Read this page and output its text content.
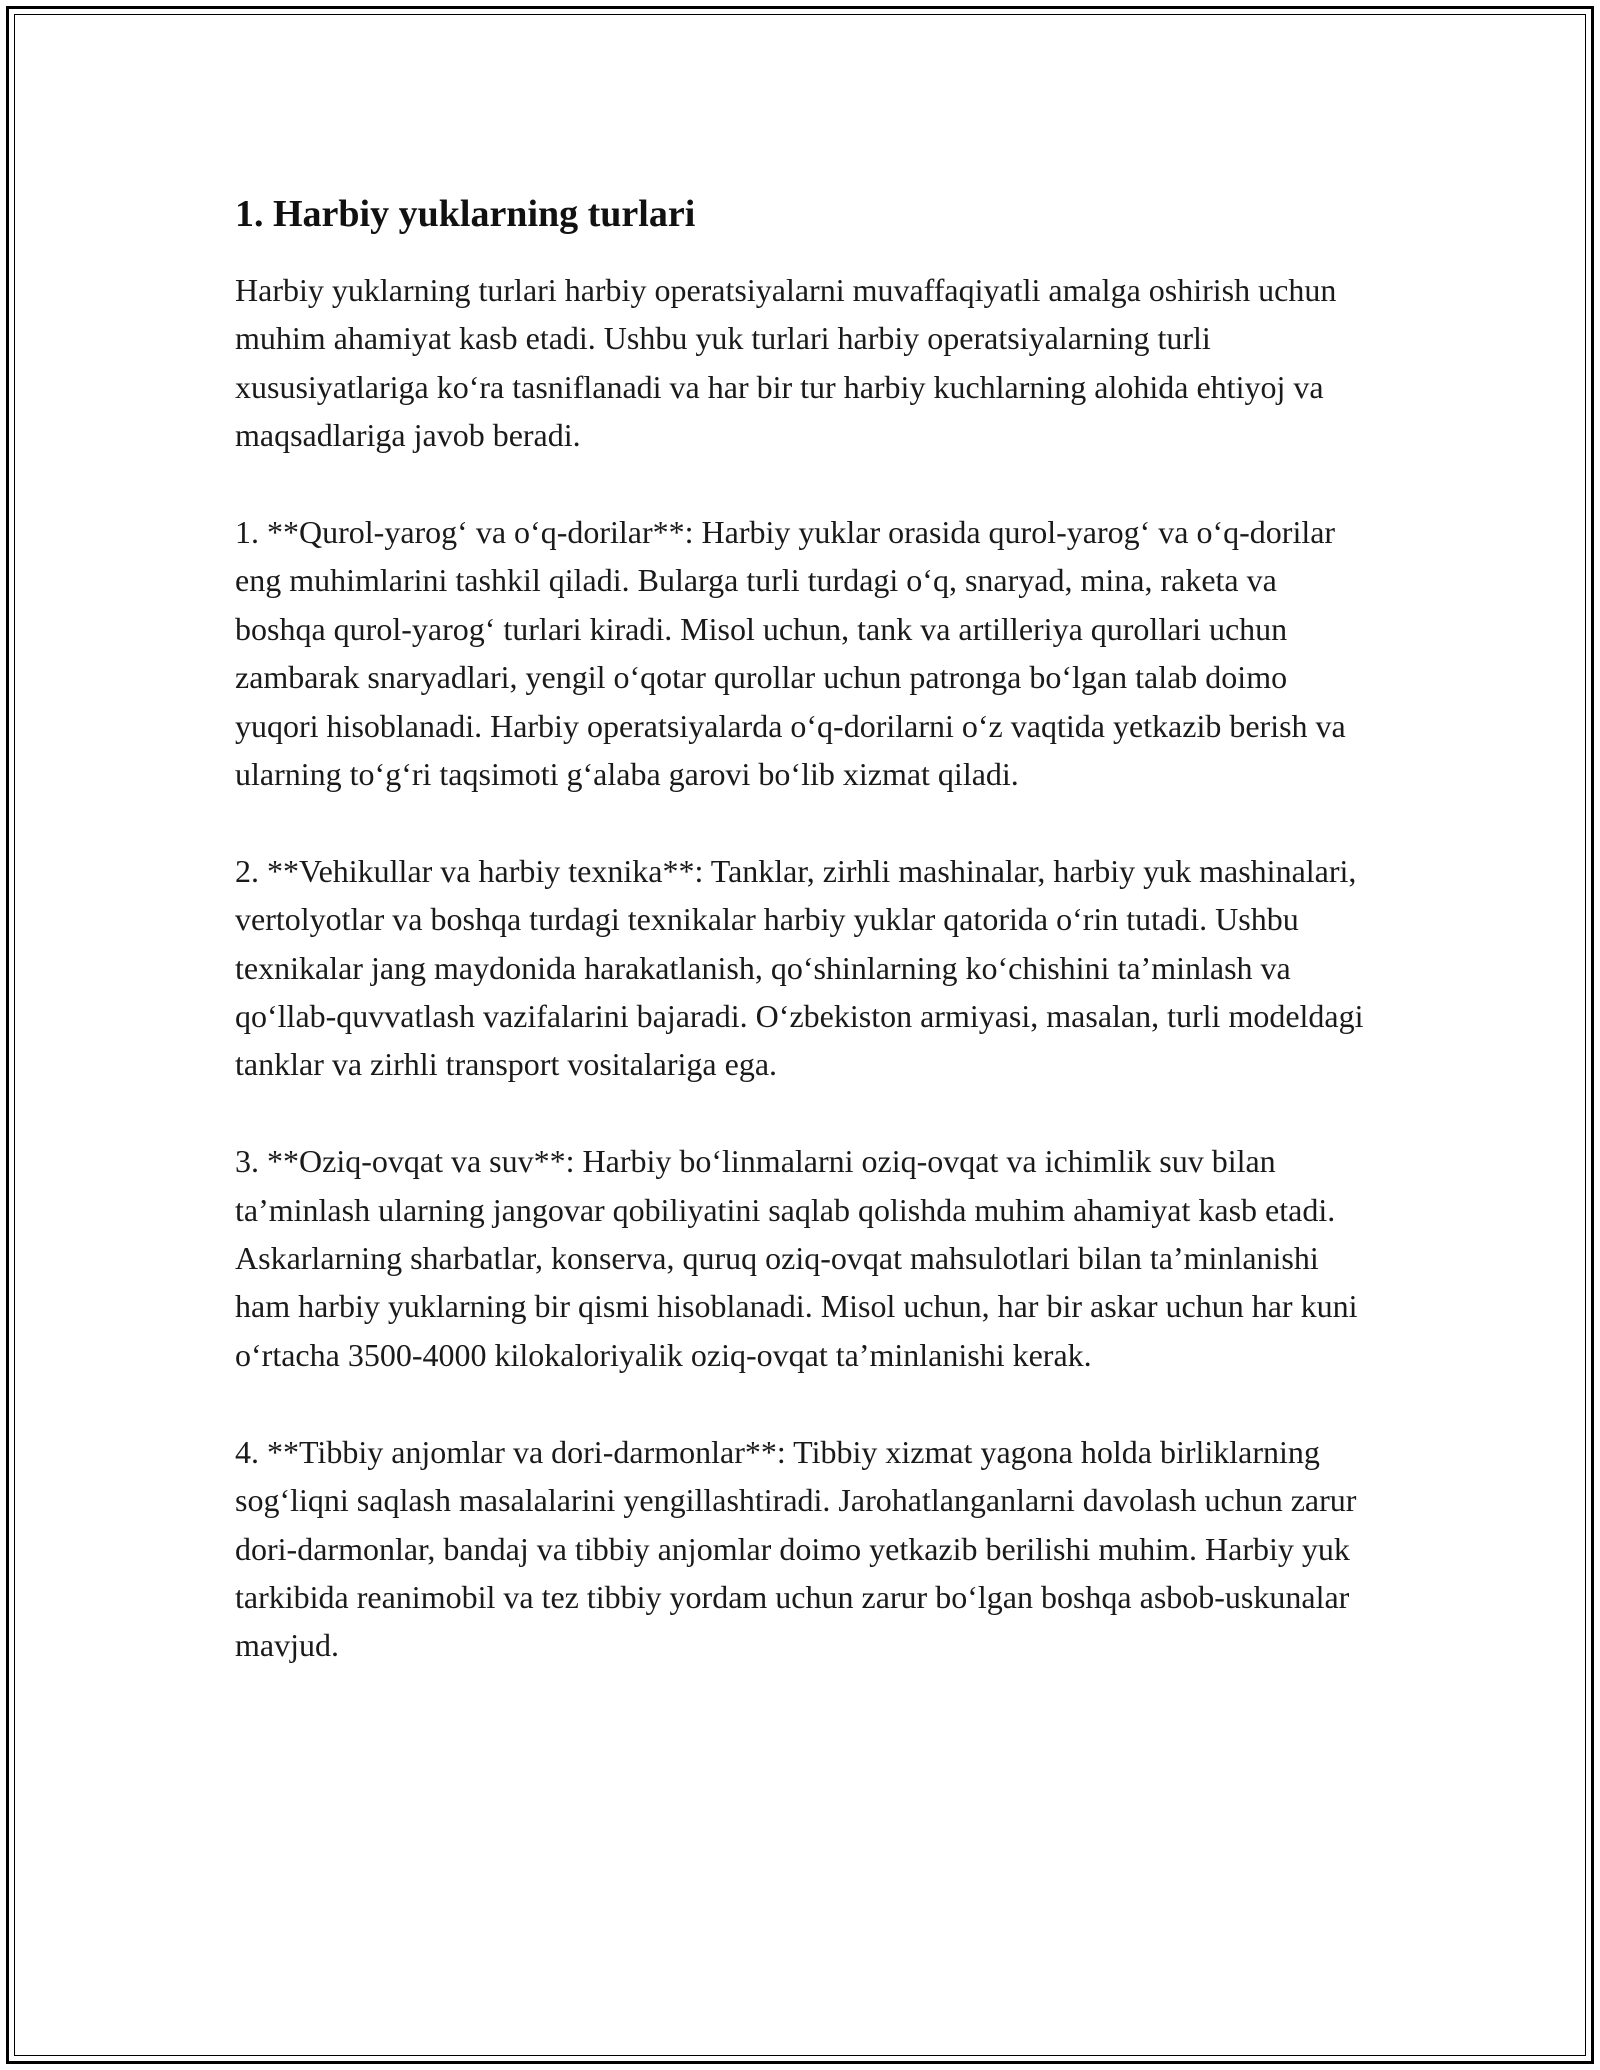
1. Harbiy yuklarning turlari

Harbiy yuklarning turlari harbiy operatsiyalarni muvaffaqiyatli amalga oshirish uchun muhim ahamiyat kasb etadi. Ushbu yuk turlari harbiy operatsiyalarning turli xususiyatlariga ko‘ra tasniflanadi va har bir tur harbiy kuchlarning alohida ehtiyoj va maqsadlariga javob beradi.

1. **Qurol-yarog‘ va o‘q-dorilar**: Harbiy yuklar orasida qurol-yarog‘ va o‘q-dorilar eng muhimlarini tashkil qiladi. Bularga turli turdagi o‘q, snaryad, mina, raketa va boshqa qurol-yarog‘ turlari kiradi. Misol uchun, tank va artilleriya qurollari uchun zambarak snaryadlari, yengil o‘qotar qurollar uchun patronga bo‘lgan talab doimo yuqori hisoblanadi. Harbiy operatsiyalarda o‘q-dorilarni o‘z vaqtida yetkazib berish va ularning to‘g‘ri taqsimoti g‘alaba garovi bo‘lib xizmat qiladi.

2. **Vehikullar va harbiy texnika**: Tanklar, zirhli mashinalar, harbiy yuk mashinalari, vertolyotlar va boshqa turdagi texnikalar harbiy yuklar qatorida o‘rin tutadi. Ushbu texnikalar jang maydonida harakatlanish, qo‘shinlarning ko‘chishini ta’minlash va qo‘llab-quvvatlash vazifalarini bajaradi. O‘zbekiston armiyasi, masalan, turli modeldagi tanklar va zirhli transport vositalariga ega.

3. **Oziq-ovqat va suv**: Harbiy bo‘linmalarni oziq-ovqat va ichimlik suv bilan ta’minlash ularning jangovar qobiliyatini saqlab qolishda muhim ahamiyat kasb etadi. Askarlarning sharbatlar, konserva, quruq oziq-ovqat mahsulotlari bilan ta’minlanishi ham harbiy yuklarning bir qismi hisoblanadi. Misol uchun, har bir askar uchun har kuni o‘rtacha 3500-4000 kilokaloriyalik oziq-ovqat ta’minlanishi kerak.

4. **Tibbiy anjomlar va dori-darmonlar**: Tibbiy xizmat yagona holda birliklarning sog‘liqni saqlash masalalarini yengillashtiradi. Jarohatlanganlarni davolash uchun zarur dori-darmonlar, bandaj va tibbiy anjomlar doimo yetkazib berilishi muhim. Harbiy yuk tarkibida reanimobil va tez tibbiy yordam uchun zarur bo‘lgan boshqa asbob-uskunalar mavjud.
